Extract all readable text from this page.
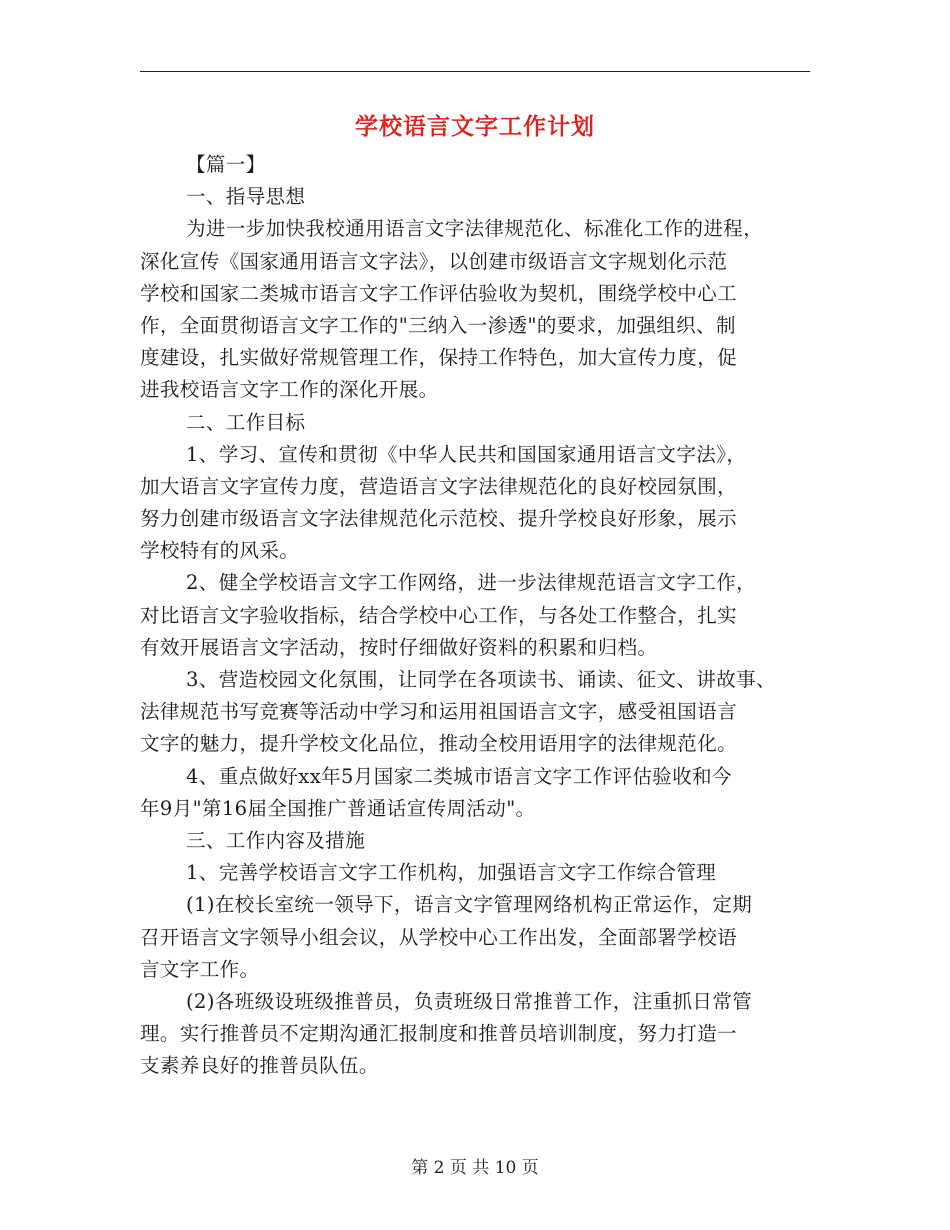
学校语言文字工作计划
【篇一】
一、指导思想
为进一步加快我校通用语言文字法律规范化、标准化工作的进程，
深化宣传《国家通用语言文字法》，以创建市级语言文字规划化示范
学校和国家二类城市语言文字工作评估验收为契机，围绕学校中心工
作，全面贯彻语言文字工作的"三纳入一渗透"的要求，加强组织、制
度建设，扎实做好常规管理工作，保持工作特色，加大宣传力度，促
进我校语言文字工作的深化开展。
二、工作目标
1、学习、宣传和贯彻《中华人民共和国国家通用语言文字法》，
加大语言文字宣传力度，营造语言文字法律规范化的良好校园氛围，
努力创建市级语言文字法律规范化示范校、提升学校良好形象，展示
学校特有的风采。
2、健全学校语言文字工作网络，进一步法律规范语言文字工作，
对比语言文字验收指标，结合学校中心工作，与各处工作整合，扎实
有效开展语言文字活动，按时仔细做好资料的积累和归档。
3、营造校园文化氛围，让同学在各项读书、诵读、征文、讲故事、
法律规范书写竞赛等活动中学习和运用祖国语言文字，感受祖国语言
文字的魅力，提升学校文化品位，推动全校用语用字的法律规范化。
4、重点做好xx年5月国家二类城市语言文字工作评估验收和今
年9月"第16届全国推广普通话宣传周活动"。
三、工作内容及措施
1、完善学校语言文字工作机构，加强语言文字工作综合管理
(1)在校长室统一领导下，语言文字管理网络机构正常运作，定期
召开语言文字领导小组会议，从学校中心工作出发，全面部署学校语
言文字工作。
(2)各班级设班级推普员，负责班级日常推普工作，注重抓日常管
理。实行推普员不定期沟通汇报制度和推普员培训制度，努力打造一
支素养良好的推普员队伍。
第 2 页 共 10 页
